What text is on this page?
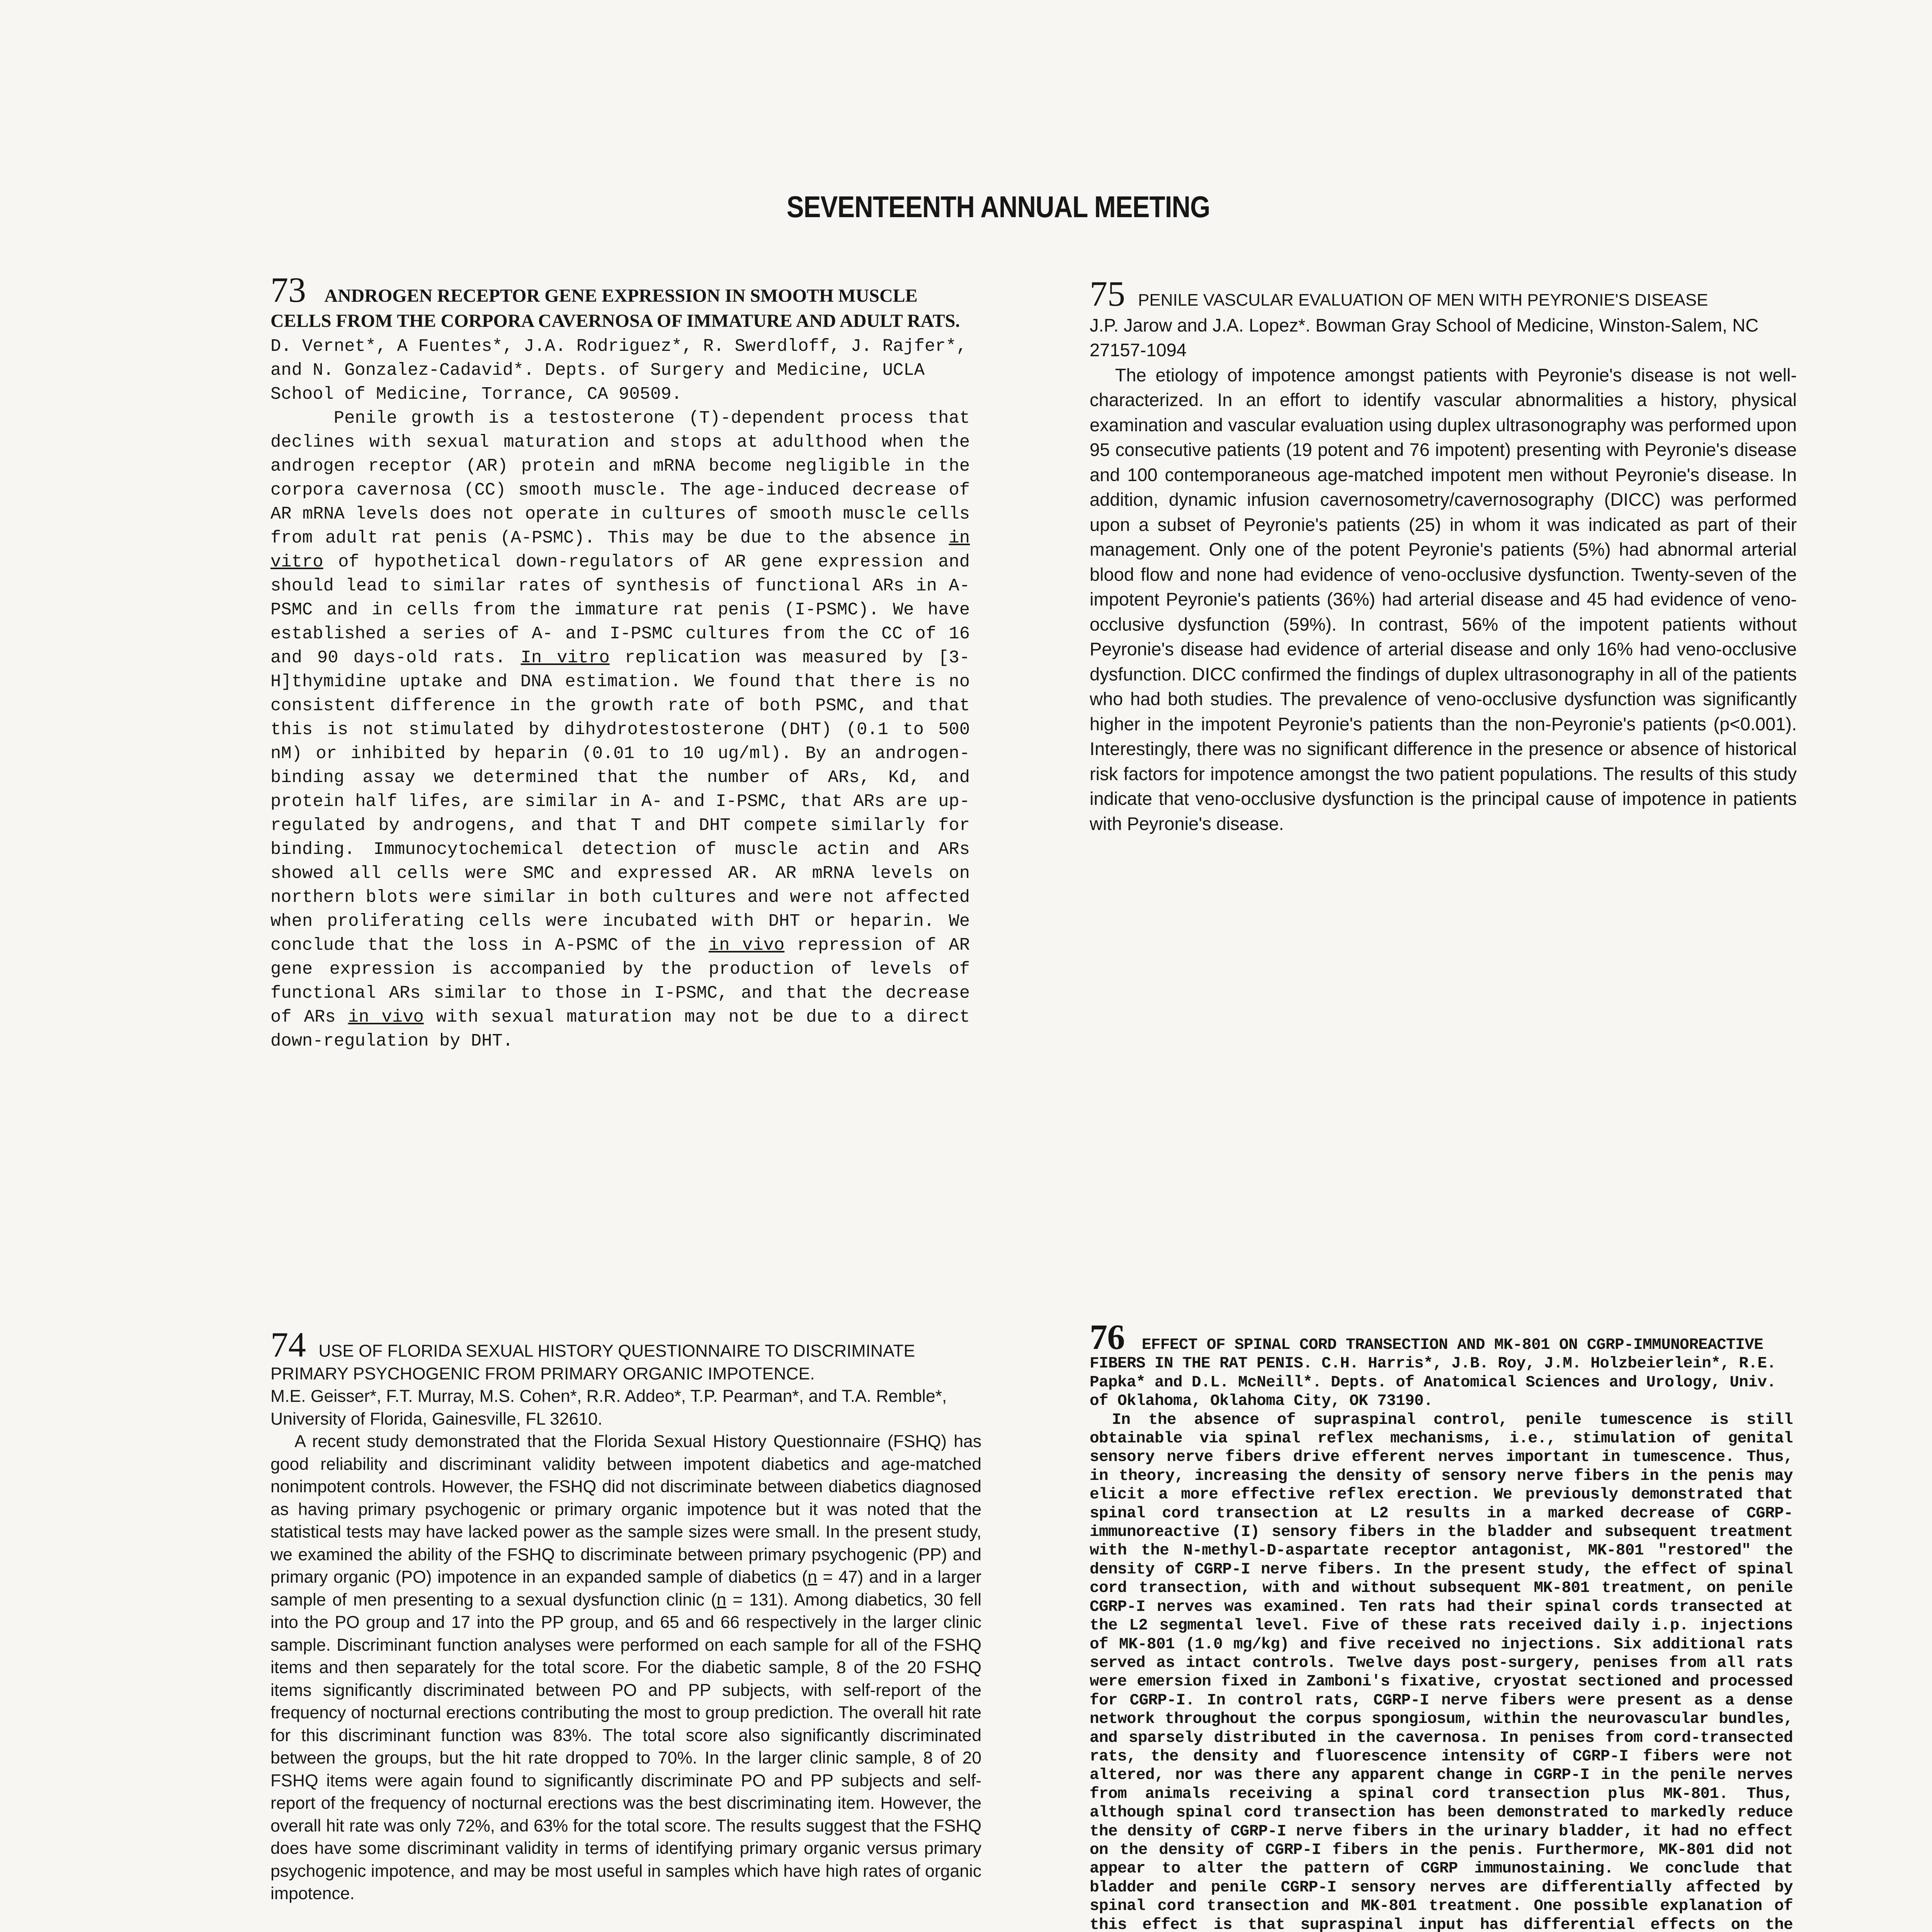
SEVENTEENTH ANNUAL MEETING

73 ANDROGEN RECEPTOR GENE EXPRESSION IN SMOOTH MUSCLE CELLS FROM THE CORPORA CAVERNOSA OF IMMATURE AND ADULT RATS. D. Vernet*, A Fuentes*, J.A. Rodriguez*, R. Swerdloff, J. Rajfer*, and N. Gonzalez-Cadavid*. Depts. of Surgery and Medicine, UCLA School of Medicine, Torrance, CA 90509.

Penile growth is a testosterone (T)-dependent process that declines with sexual maturation and stops at adulthood when the androgen receptor (AR) protein and mRNA become negligible in the corpora cavernosa (CC) smooth muscle. The age-induced decrease of AR mRNA levels does not operate in cultures of smooth muscle cells from adult rat penis (A-PSMC). This may be due to the absence in vitro of hypothetical down-regulators of AR gene expression and should lead to similar rates of synthesis of functional ARs in A-PSMC and in cells from the immature rat penis (I-PSMC). We have established a series of A- and I-PSMC cultures from the CC of 16 and 90 days-old rats. In vitro replication was measured by [3-H]thymidine uptake and DNA estimation. We found that there is no consistent difference in the growth rate of both PSMC, and that this is not stimulated by dihydrotestosterone (DHT) (0.1 to 500 nM) or inhibited by heparin (0.01 to 10 ug/ml). By an androgen-binding assay we determined that the number of ARs, Kd, and protein half lifes, are similar in A- and I-PSMC, that ARs are up-regulated by androgens, and that T and DHT compete similarly for binding. Immunocytochemical detection of muscle actin and ARs showed all cells were SMC and expressed AR. AR mRNA levels on northern blots were similar in both cultures and were not affected when proliferating cells were incubated with DHT or heparin. We conclude that the loss in A-PSMC of the in vivo repression of AR gene expression is accompanied by the production of levels of functional ARs similar to those in I-PSMC, and that the decrease of ARs in vivo with sexual maturation may not be due to a direct down-regulation by DHT.

75 PENILE VASCULAR EVALUATION OF MEN WITH PEYRONIE'S DISEASE
J.P. Jarow and J.A. Lopez*. Bowman Gray School of Medicine, Winston-Salem, NC 27157-1094

The etiology of impotence amongst patients with Peyronie's disease is not well-characterized. In an effort to identify vascular abnormalities a history, physical examination and vascular evaluation using duplex ultrasonography was performed upon 95 consecutive patients (19 potent and 76 impotent) presenting with Peyronie's disease and 100 contemporaneous age-matched impotent men without Peyronie's disease. In addition, dynamic infusion cavernosometry/cavernosography (DICC) was performed upon a subset of Peyronie's patients (25) in whom it was indicated as part of their management. Only one of the potent Peyronie's patients (5%) had abnormal arterial blood flow and none had evidence of veno-occlusive dysfunction. Twenty-seven of the impotent Peyronie's patients (36%) had arterial disease and 45 had evidence of veno-occlusive dysfunction (59%). In contrast, 56% of the impotent patients without Peyronie's disease had evidence of arterial disease and only 16% had veno-occlusive dysfunction. DICC confirmed the findings of duplex ultrasonography in all of the patients who had both studies. The prevalence of veno-occlusive dysfunction was significantly higher in the impotent Peyronie's patients than the non-Peyronie's patients (p<0.001). Interestingly, there was no significant difference in the presence or absence of historical risk factors for impotence amongst the two patient populations. The results of this study indicate that veno-occlusive dysfunction is the principal cause of impotence in patients with Peyronie's disease.

74 USE OF FLORIDA SEXUAL HISTORY QUESTIONNAIRE TO DISCRIMINATE PRIMARY PSYCHOGENIC FROM PRIMARY ORGANIC IMPOTENCE.
M.E. Geisser*, F.T. Murray, M.S. Cohen*, R.R. Addeo*, T.P. Pearman*, and T.A. Remble*, University of Florida, Gainesville, FL 32610.

A recent study demonstrated that the Florida Sexual History Questionnaire (FSHQ) has good reliability and discriminant validity between impotent diabetics and age-matched nonimpotent controls. However, the FSHQ did not discriminate between diabetics diagnosed as having primary psychogenic or primary organic impotence but it was noted that the statistical tests may have lacked power as the sample sizes were small. In the present study, we examined the ability of the FSHQ to discriminate between primary psychogenic (PP) and primary organic (PO) impotence in an expanded sample of diabetics (n = 47) and in a larger sample of men presenting to a sexual dysfunction clinic (n = 131). Among diabetics, 30 fell into the PO group and 17 into the PP group, and 65 and 66 respectively in the larger clinic sample. Discriminant function analyses were performed on each sample for all of the FSHQ items and then separately for the total score. For the diabetic sample, 8 of the 20 FSHQ items significantly discriminated between PO and PP subjects, with self-report of the frequency of nocturnal erections contributing the most to group prediction. The overall hit rate for this discriminant function was 83%. The total score also significantly discriminated between the groups, but the hit rate dropped to 70%. In the larger clinic sample, 8 of 20 FSHQ items were again found to significantly discriminate PO and PP subjects and self-report of the frequency of nocturnal erections was the best discriminating item. However, the overall hit rate was only 72%, and 63% for the total score. The results suggest that the FSHQ does have some discriminant validity in terms of identifying primary organic versus primary psychogenic impotence, and may be most useful in samples which have high rates of organic impotence.

76 EFFECT OF SPINAL CORD TRANSECTION AND MK-801 ON CGRP-IMMUNOREACTIVE FIBERS IN THE RAT PENIS. C.H. Harris*, J.B. Roy, J.M. Holzbeierlein*, R.E. Papka* and D.L. McNeill*. Depts. of Anatomical Sciences and Urology, Univ. of Oklahoma, Oklahoma City, OK 73190.

In the absence of supraspinal control, penile tumescence is still obtainable via spinal reflex mechanisms, i.e., stimulation of genital sensory nerve fibers drive efferent nerves important in tumescence. Thus, in theory, increasing the density of sensory nerve fibers in the penis may elicit a more effective reflex erection. We previously demonstrated that spinal cord transection at L2 results in a marked decrease of CGRP-immunoreactive (I) sensory fibers in the bladder and subsequent treatment with the N-methyl-D-aspartate receptor antagonist, MK-801 "restored" the density of CGRP-I nerve fibers. In the present study, the effect of spinal cord transection, with and without subsequent MK-801 treatment, on penile CGRP-I nerves was examined. Ten rats had their spinal cords transected at the L2 segmental level. Five of these rats received daily i.p. injections of MK-801 (1.0 mg/kg) and five received no injections. Six additional rats served as intact controls. Twelve days post-surgery, penises from all rats were emersion fixed in Zamboni's fixative, cryostat sectioned and processed for CGRP-I. In control rats, CGRP-I nerve fibers were present as a dense network throughout the corpus spongiosum, within the neurovascular bundles, and sparsely distributed in the cavernosa. In penises from cord-transected rats, the density and fluorescence intensity of CGRP-I fibers were not altered, nor was there any apparent change in CGRP-I in the penile nerves from animals receiving a spinal cord transection plus MK-801. Thus, although spinal cord transection has been demonstrated to markedly reduce the density of CGRP-I nerve fibers in the urinary bladder, it had no effect on the density of CGRP-I fibers in the penis. Furthermore, MK-801 did not appear to alter the pattern of CGRP immunostaining. We conclude that bladder and penile CGRP-I sensory nerves are differentially affected by spinal cord transection and MK-801 treatment. One possible explanation of this effect is that supraspinal input has differential effects on the
